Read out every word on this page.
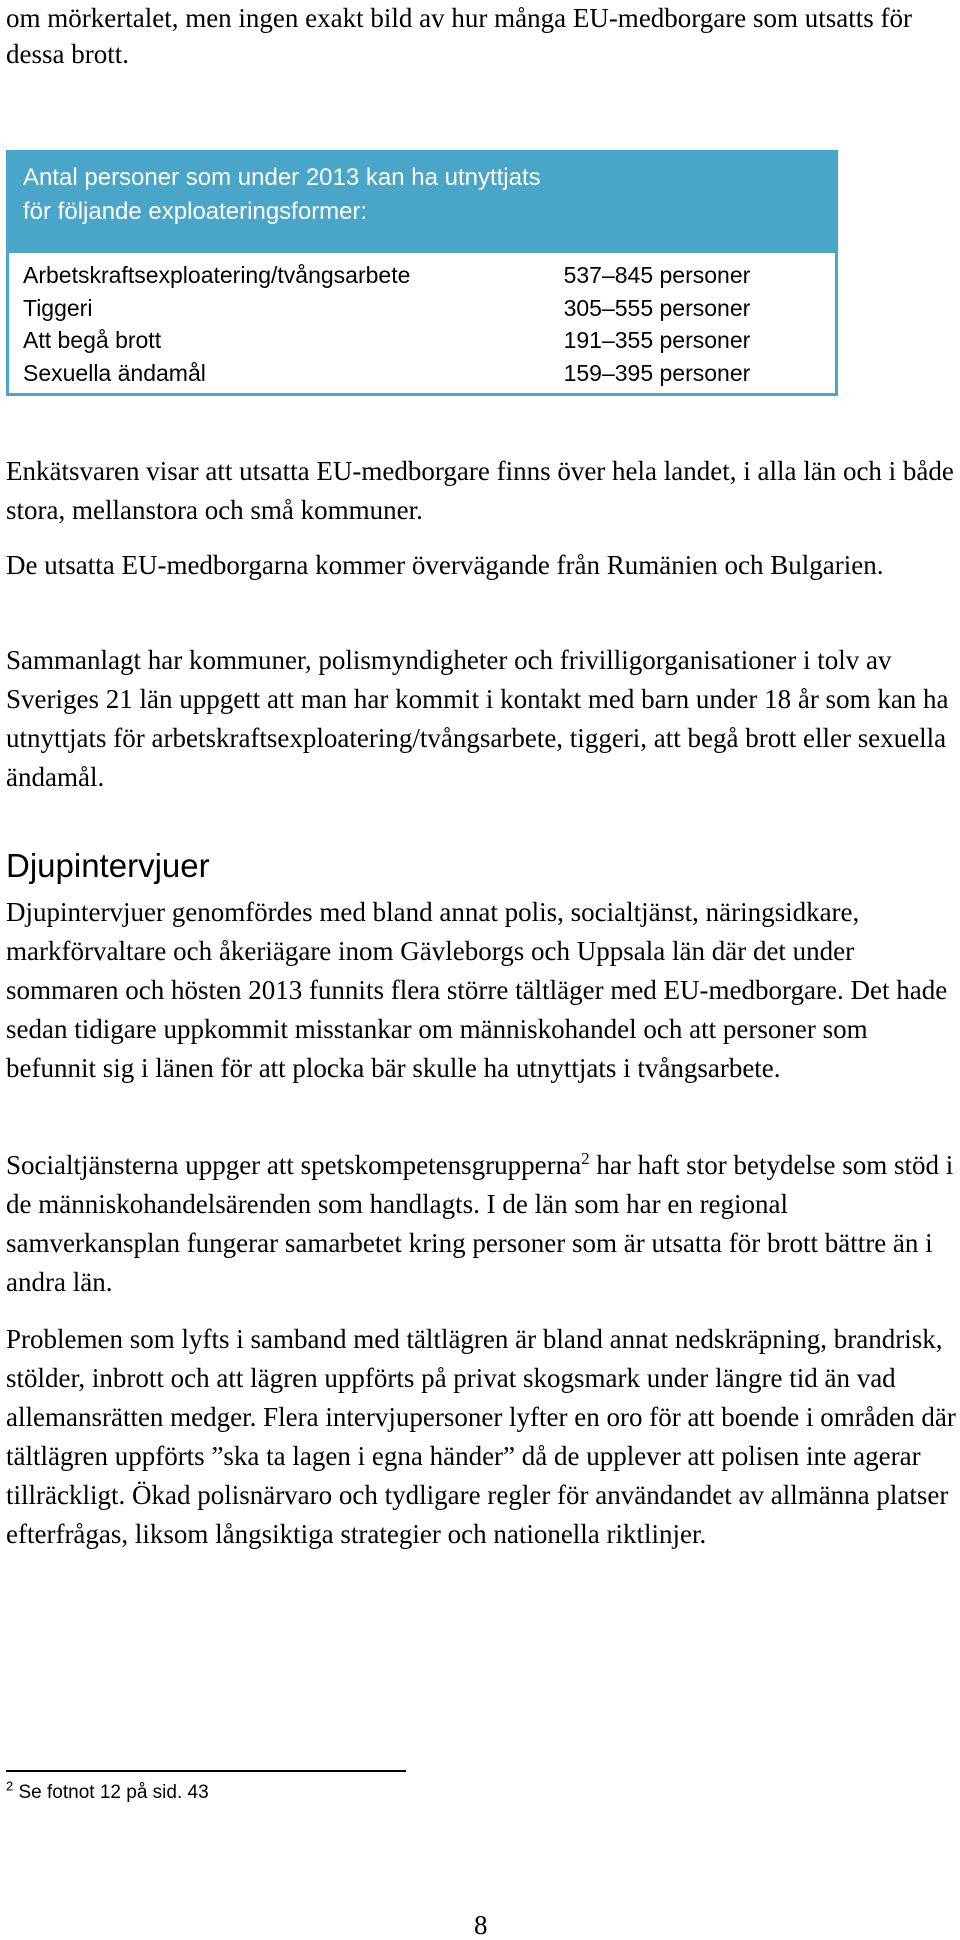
om mörkertalet, men ingen exakt bild av hur många EU-medborgare som utsatts för dessa brott.

Antal personer som under 2013 kan ha utnyttjats
för följande exploateringsformer:
Arbetskraftsexploatering/tvångsarbete	537–845 personer
Tiggeri	305–555 personer
Att begå brott	191–355 personer
Sexuella ändamål	159–395 personer

Enkätsvaren visar att utsatta EU-medborgare finns över hela landet, i alla län och i både stora, mellanstora och små kommuner.

De utsatta EU-medborgarna kommer övervägande från Rumänien och Bulgarien.

Sammanlagt har kommuner, polismyndigheter och frivilligorganisationer i tolv av Sveriges 21 län uppgett att man har kommit i kontakt med barn under 18 år som kan ha utnyttjats för arbetskraftsexploatering/tvångsarbete, tiggeri, att begå brott eller sexuella ändamål.

Djupintervjuer

Djupintervjuer genomfördes med bland annat polis, socialtjänst, näringsidkare, markförvaltare och åkeriägare inom Gävleborgs och Uppsala län där det under sommaren och hösten 2013 funnits flera större tältläger med EU-medborgare. Det hade sedan tidigare uppkommit misstankar om människohandel och att personer som befunnit sig i länen för att plocka bär skulle ha utnyttjats i tvångsarbete.

Socialtjänsterna uppger att spetskompetensgrupperna$^2$ har haft stor betydelse som stöd i de människohandelsärenden som handlagts. I de län som har en regional samverkansplan fungerar samarbetet kring personer som är utsatta för brott bättre än i andra län.

Problemen som lyfts i samband med tältlägren är bland annat nedskräpning, brandrisk, stölder, inbrott och att lägren uppförts på privat skogsmark under längre tid än vad allemansrätten medger. Flera intervjupersoner lyfter en oro för att boende i områden där tältlägren uppförts ”ska ta lagen i egna händer” då de upplever att polisen inte agerar tillräckligt. Ökad polisnärvaro och tydligare regler för användandet av allmänna platser efterfrågas, liksom långsiktiga strategier och nationella riktlinjer.

$^2$ Se fotnot 12 på sid. 43

8
